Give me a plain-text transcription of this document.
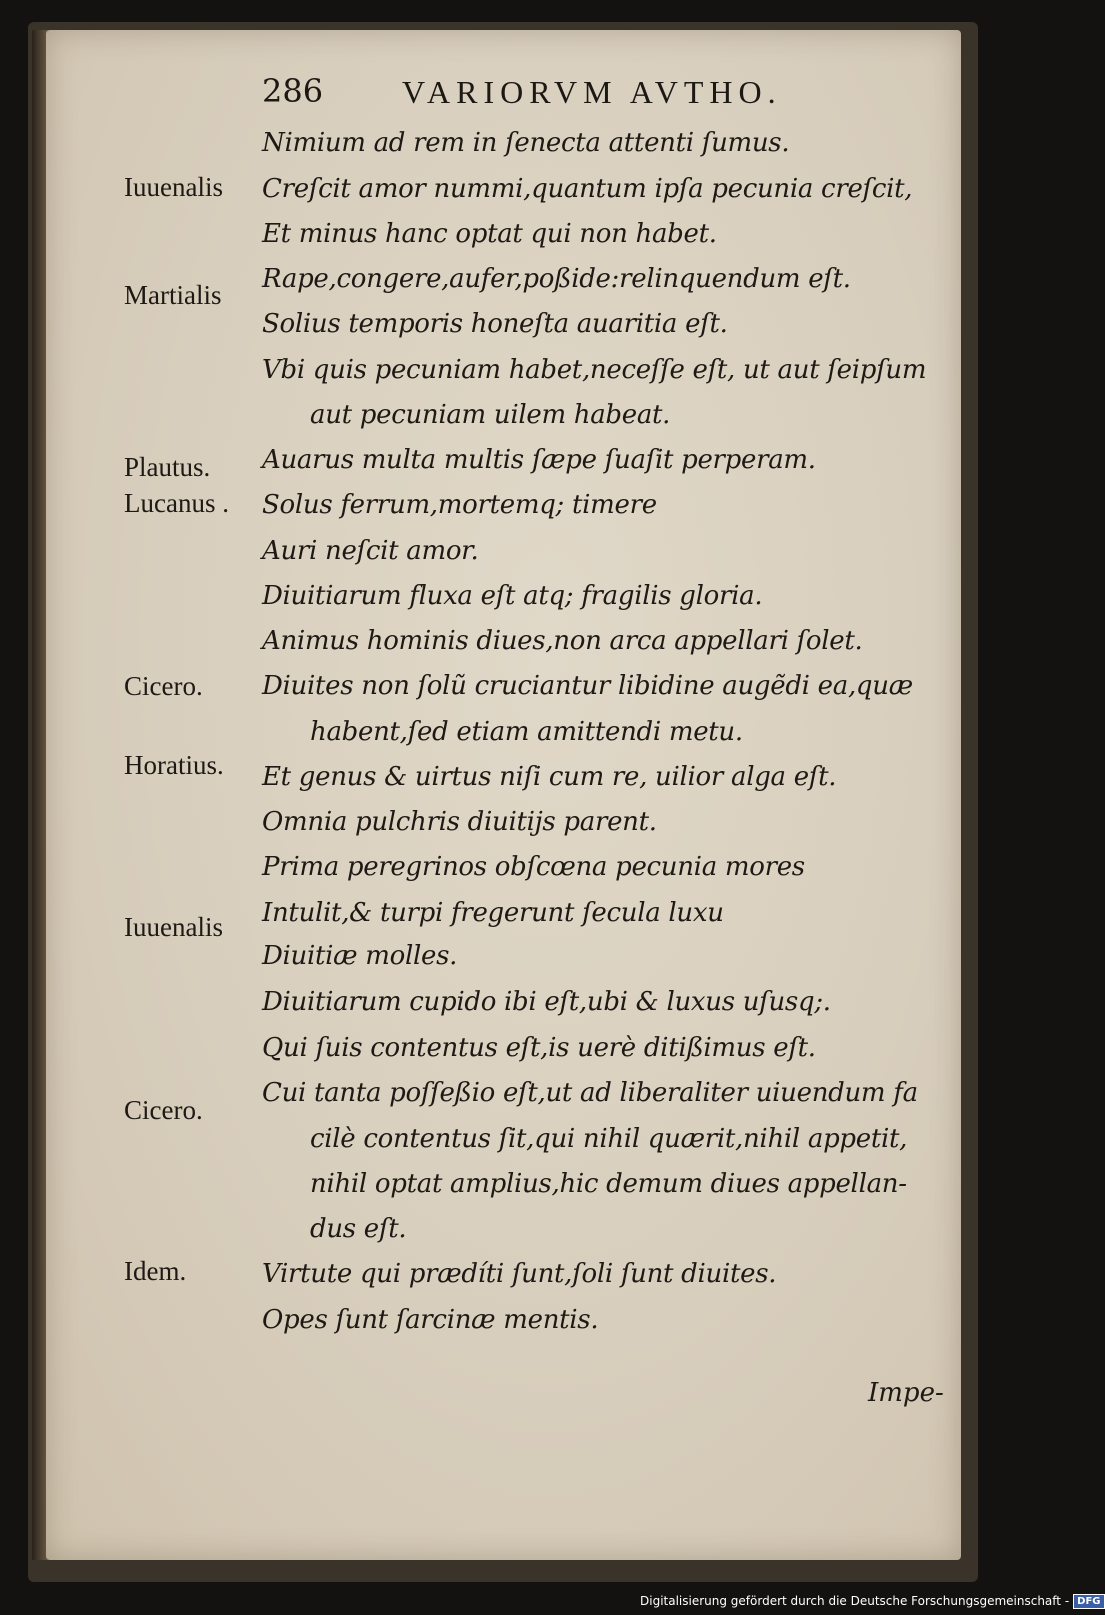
286 VARIORVM AVTHO.
Nimium ad rem in ſenecta attenti ſumus.
Creſcit amor nummi,quantum ipſa pecunia creſcit,
Et minus hanc optat qui non habet.
Rape,congere,aufer,poßide:relinquendum eſt.
Solius temporis honeſta auaritia eſt.
Vbi quis pecuniam habet,neceſſe eſt, ut aut ſeipſum
aut pecuniam uilem habeat.
Auarus multa multis ſæpe ſuaſit perperam.
Solus ferrum,mortemq; timere
Auri neſcit amor.
Diuitiarum fluxa eſt atq; fragilis gloria.
Animus hominis diues,non arca appellari ſolet.
Diuites non ſolũ cruciantur libidine augẽdi ea,quæ
habent,ſed etiam amittendi metu.
Et genus & uirtus niſi cum re, uilior alga eſt.
Omnia pulchris diuitijs parent.
Prima peregrinos obſcœna pecunia mores
Intulit,& turpi fregerunt ſecula luxu
Diuitiæ molles.
Diuitiarum cupido ibi eſt,ubi & luxus uſusq;.
Qui ſuis contentus eſt,is uerè ditißimus eſt.
Cui tanta poſſeßio eſt,ut ad liberaliter uiuendum fa
cilè contentus ſit,qui nihil quærit,nihil appetit,
nihil optat amplius,hic demum diues appellan-
dus eſt.
Virtute qui prædíti ſunt,ſoli ſunt diuites.
Opes ſunt ſarcinæ mentis.
Iuuenalis
Martialis
Plautus.
Lucanus .
Cicero.
Horatius.
Iuuenalis
Cicero.
Idem.
Impe-
Digitalisierung gefördert durch die Deutsche Forschungsgemeinschaft - DFG
